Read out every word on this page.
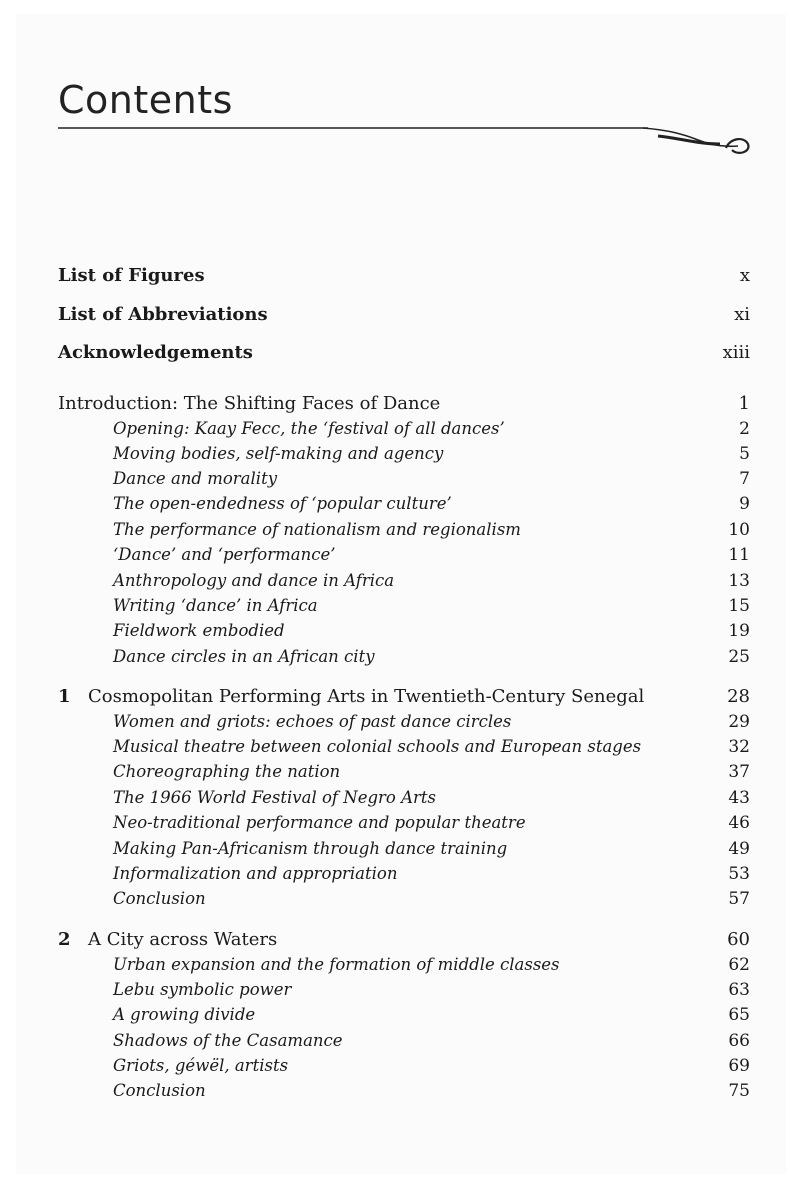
Contents
List of Figures	x
List of Abbreviations	xi
Acknowledgements	xiii
Introduction: The Shifting Faces of Dance	1
Opening: Kaay Fecc, the ‘festival of all dances’	2
Moving bodies, self-making and agency	5
Dance and morality	7
The open-endedness of ‘popular culture’	9
The performance of nationalism and regionalism	10
‘Dance’ and ‘performance’	11
Anthropology and dance in Africa	13
Writing ‘dance’ in Africa	15
Fieldwork embodied	19
Dance circles in an African city	25
1 Cosmopolitan Performing Arts in Twentieth-Century Senegal	28
Women and griots: echoes of past dance circles	29
Musical theatre between colonial schools and European stages	32
Choreographing the nation	37
The 1966 World Festival of Negro Arts	43
Neo-traditional performance and popular theatre	46
Making Pan-Africanism through dance training	49
Informalization and appropriation	53
Conclusion	57
2 A City across Waters	60
Urban expansion and the formation of middle classes	62
Lebu symbolic power	63
A growing divide	65
Shadows of the Casamance	66
Griots, géwël, artists	69
Conclusion	75
